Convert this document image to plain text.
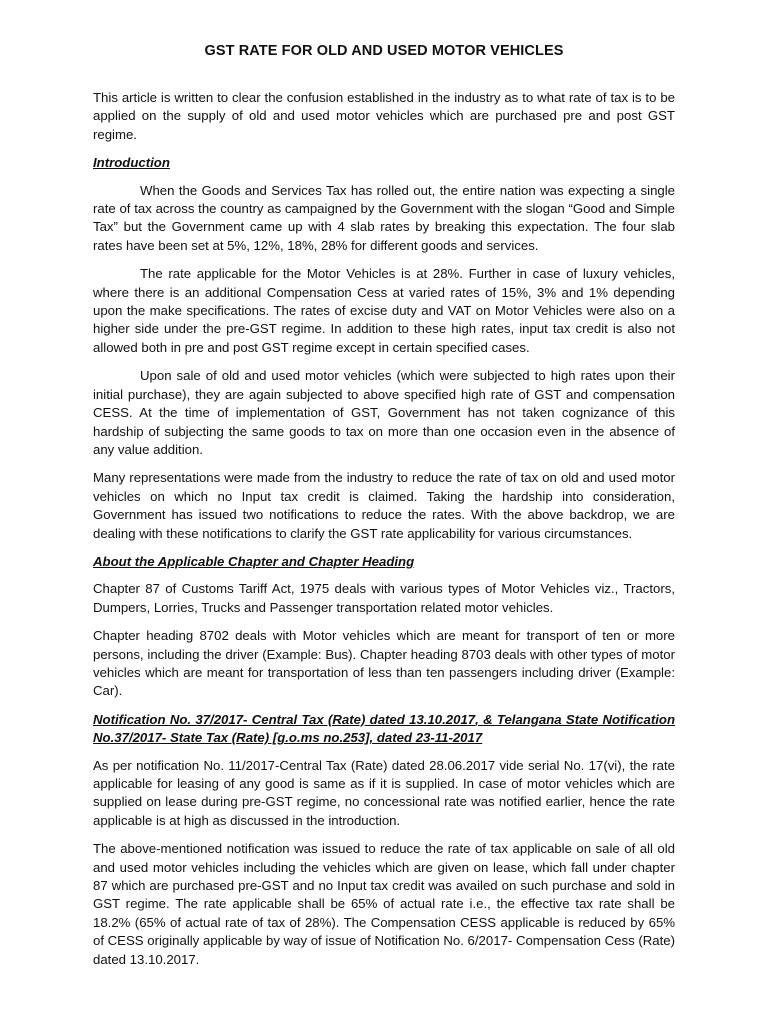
GST RATE FOR OLD AND USED MOTOR VEHICLES

This article is written to clear the confusion established in the industry as to what rate of tax is to be applied on the supply of old and used motor vehicles which are purchased pre and post GST regime.

Introduction

When the Goods and Services Tax has rolled out, the entire nation was expecting a single rate of tax across the country as campaigned by the Government with the slogan “Good and Simple Tax” but the Government came up with 4 slab rates by breaking this expectation. The four slab rates have been set at 5%, 12%, 18%, 28% for different goods and services.

The rate applicable for the Motor Vehicles is at 28%. Further in case of luxury vehicles, where there is an additional Compensation Cess at varied rates of 15%, 3% and 1% depending upon the make specifications. The rates of excise duty and VAT on Motor Vehicles were also on a higher side under the pre-GST regime. In addition to these high rates, input tax credit is also not allowed both in pre and post GST regime except in certain specified cases.

Upon sale of old and used motor vehicles (which were subjected to high rates upon their initial purchase), they are again subjected to above specified high rate of GST and compensation CESS. At the time of implementation of GST, Government has not taken cognizance of this hardship of subjecting the same goods to tax on more than one occasion even in the absence of any value addition.

Many representations were made from the industry to reduce the rate of tax on old and used motor vehicles on which no Input tax credit is claimed. Taking the hardship into consideration, Government has issued two notifications to reduce the rates. With the above backdrop, we are dealing with these notifications to clarify the GST rate applicability for various circumstances.

About the Applicable Chapter and Chapter Heading

Chapter 87 of Customs Tariff Act, 1975 deals with various types of Motor Vehicles viz., Tractors, Dumpers, Lorries, Trucks and Passenger transportation related motor vehicles.

Chapter heading 8702 deals with Motor vehicles which are meant for transport of ten or more persons, including the driver (Example: Bus). Chapter heading 8703 deals with other types of motor vehicles which are meant for transportation of less than ten passengers including driver (Example: Car).

Notification No. 37/2017- Central Tax (Rate) dated 13.10.2017, & Telangana State Notification No.37/2017- State Tax (Rate) [g.o.ms no.253], dated 23-11-2017

As per notification No. 11/2017-Central Tax (Rate) dated 28.06.2017 vide serial No. 17(vi), the rate applicable for leasing of any good is same as if it is supplied. In case of motor vehicles which are supplied on lease during pre-GST regime, no concessional rate was notified earlier, hence the rate applicable is at high as discussed in the introduction.

The above-mentioned notification was issued to reduce the rate of tax applicable on sale of all old and used motor vehicles including the vehicles which are given on lease, which fall under chapter 87 which are purchased pre-GST and no Input tax credit was availed on such purchase and sold in GST regime. The rate applicable shall be 65% of actual rate i.e., the effective tax rate shall be 18.2% (65% of actual rate of tax of 28%). The Compensation CESS applicable is reduced by 65% of CESS originally applicable by way of issue of Notification No. 6/2017- Compensation Cess (Rate) dated 13.10.2017.
